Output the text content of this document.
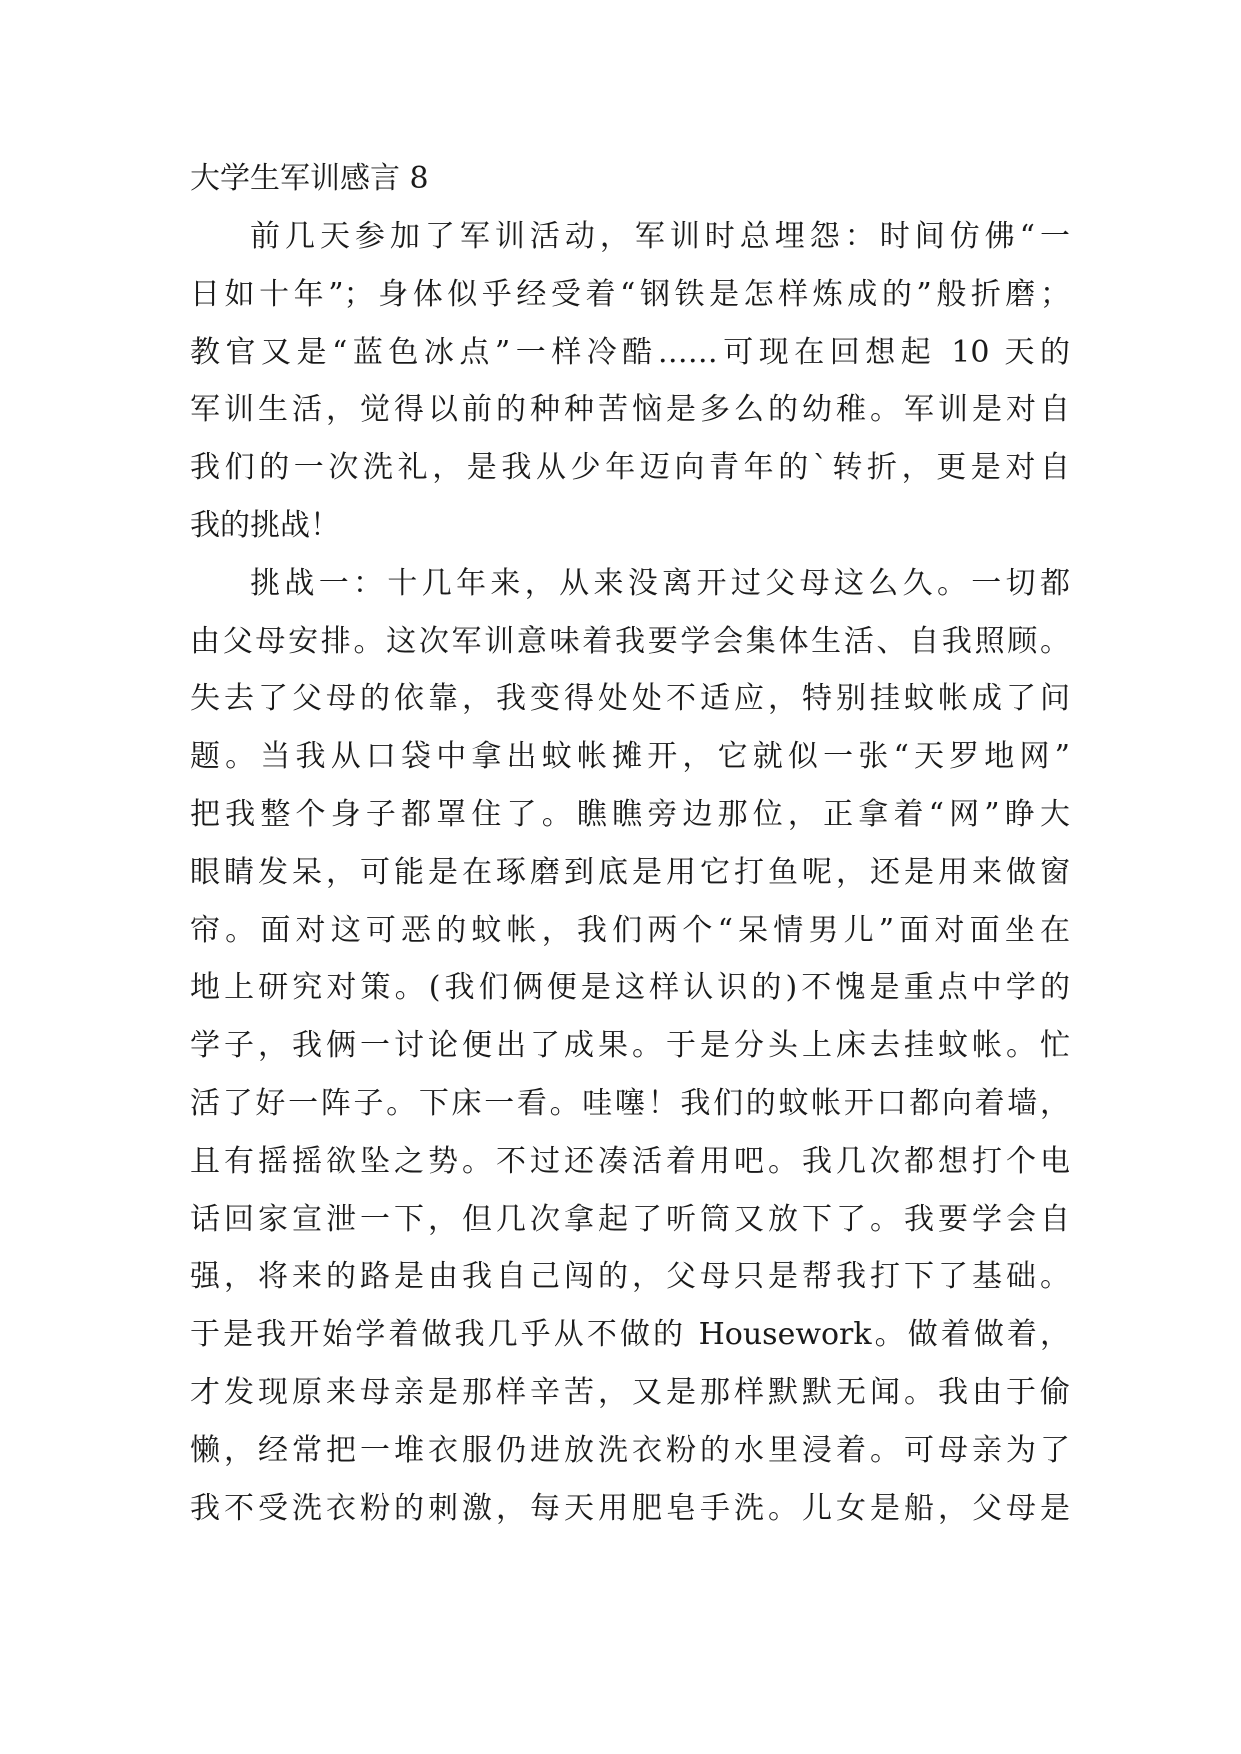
大学生军训感言 8
前几天参加了军训活动，军训时总埋怨：时间仿佛“一
日如十年”；身体似乎经受着“钢铁是怎样炼成的”般折磨；
教官又是“蓝色冰点”一样冷酷……可现在回想起 10 天的
军训生活，觉得以前的种种苦恼是多么的幼稚。军训是对自
我们的一次洗礼，是我从少年迈向青年的`转折，更是对自
我的挑战！
挑战一：十几年来，从来没离开过父母这么久。一切都
由父母安排。这次军训意味着我要学会集体生活、自我照顾。
失去了父母的依靠，我变得处处不适应，特别挂蚊帐成了问
题。当我从口袋中拿出蚊帐摊开，它就似一张“天罗地网”
把我整个身子都罩住了。瞧瞧旁边那位，正拿着“网”睁大
眼睛发呆，可能是在琢磨到底是用它打鱼呢，还是用来做窗
帘。面对这可恶的蚊帐，我们两个“呆情男儿”面对面坐在
地上研究对策。(我们俩便是这样认识的)不愧是重点中学的
学子，我俩一讨论便出了成果。于是分头上床去挂蚊帐。忙
活了好一阵子。下床一看。哇噻！我们的蚊帐开口都向着墙，
且有摇摇欲坠之势。不过还凑活着用吧。我几次都想打个电
话回家宣泄一下，但几次拿起了听筒又放下了。我要学会自
强，将来的路是由我自己闯的，父母只是帮我打下了基础。
于是我开始学着做我几乎从不做的 Housework。做着做着，
才发现原来母亲是那样辛苦，又是那样默默无闻。我由于偷
懒，经常把一堆衣服仍进放洗衣粉的水里浸着。可母亲为了
我不受洗衣粉的刺激，每天用肥皂手洗。儿女是船，父母是
